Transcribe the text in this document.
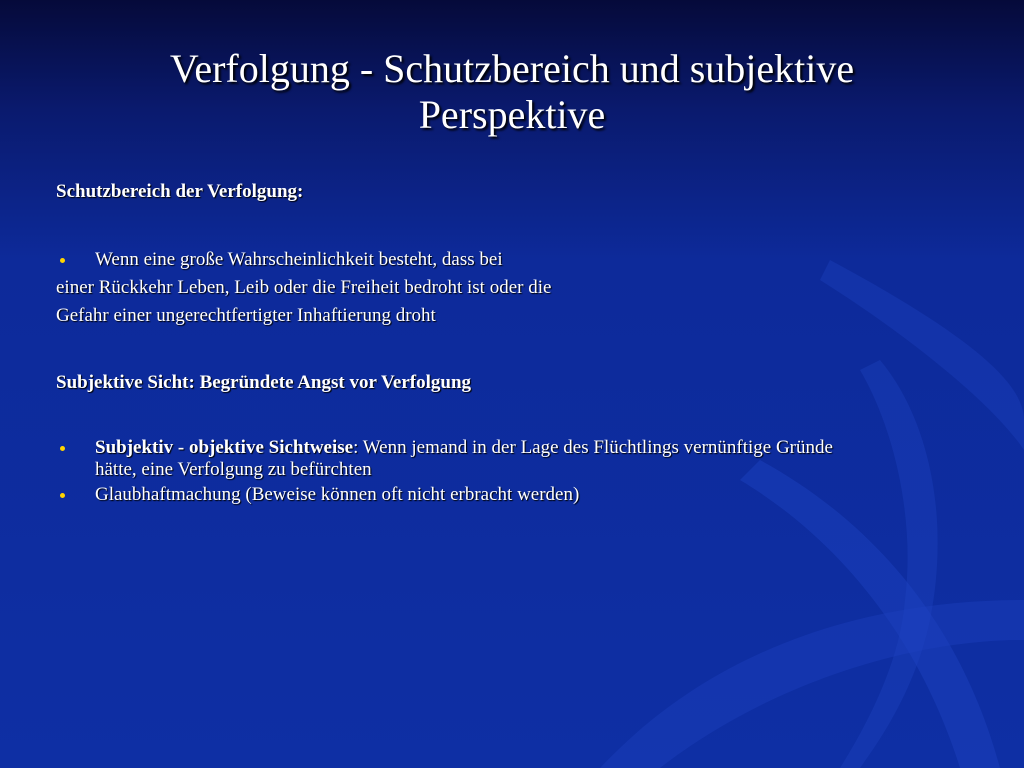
Verfolgung - Schutzbereich und subjektive
Perspektive

Schutzbereich der Verfolgung:

Wenn eine große Wahrscheinlichkeit besteht, dass bei

einer Rückkehr Leben, Leib oder die Freiheit bedroht ist oder die

Gefahr einer ungerechtfertigter Inhaftierung droht

Subjektive Sicht: Begründete Angst vor Verfolgung

Subjektiv - objektive Sichtweise: Wenn jemand in der Lage des Flüchtlings vernünftige Gründe
hätte, eine Verfolgung zu befürchten
Glaubhaftmachung (Beweise können oft nicht erbracht werden)
